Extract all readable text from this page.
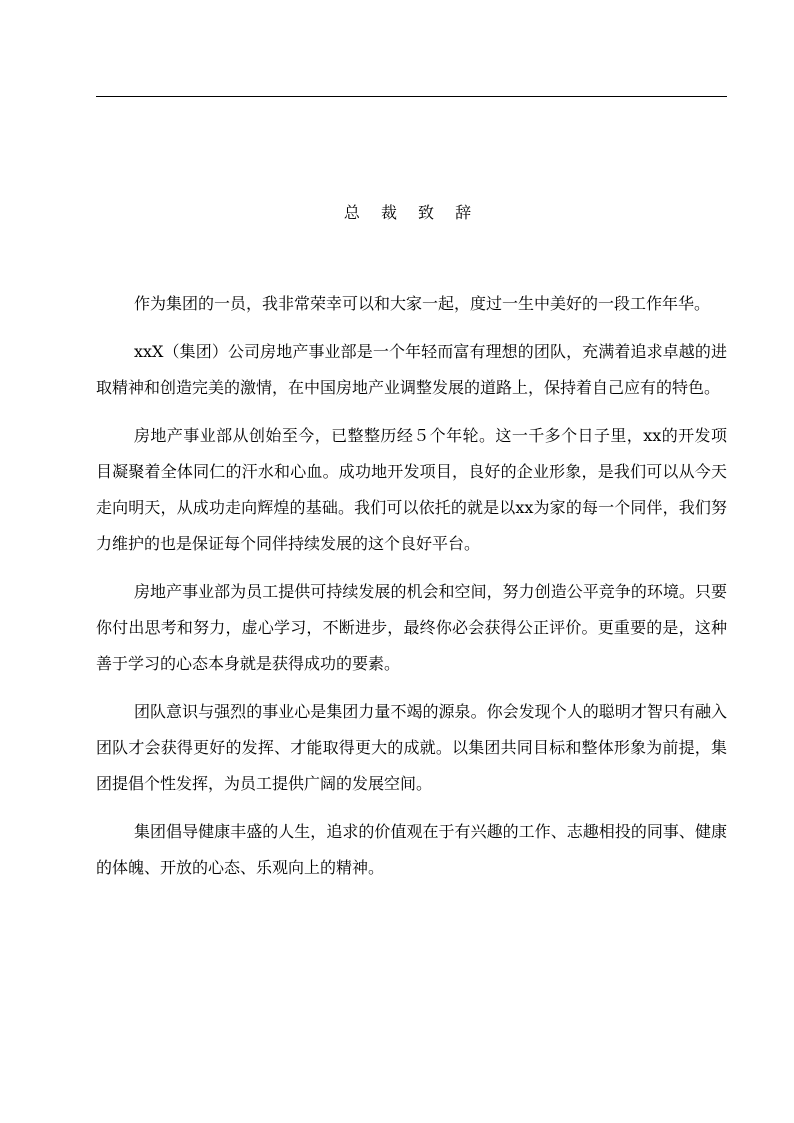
总 裁 致 辞

作为集团的一员，我非常荣幸可以和大家一起，度过一生中美好的一段工作年华。

xxX（集团）公司房地产事业部是一个年轻而富有理想的团队，充满着追求卓越的进取精神和创造完美的激情，在中国房地产业调整发展的道路上，保持着自己应有的特色。

房地产事业部从创始至今，已整整历经５个年轮。这一千多个日子里，xx的开发项目凝聚着全体同仁的汗水和心血。成功地开发项目，良好的企业形象，是我们可以从今天走向明天，从成功走向辉煌的基础。我们可以依托的就是以xx为家的每一个同伴，我们努力维护的也是保证每个同伴持续发展的这个良好平台。

房地产事业部为员工提供可持续发展的机会和空间，努力创造公平竞争的环境。只要你付出思考和努力，虚心学习，不断进步，最终你必会获得公正评价。更重要的是，这种善于学习的心态本身就是获得成功的要素。

团队意识与强烈的事业心是集团力量不竭的源泉。你会发现个人的聪明才智只有融入团队才会获得更好的发挥、才能取得更大的成就。以集团共同目标和整体形象为前提，集团提倡个性发挥，为员工提供广阔的发展空间。

集团倡导健康丰盛的人生，追求的价值观在于有兴趣的工作、志趣相投的同事、健康的体魄、开放的心态、乐观向上的精神。
